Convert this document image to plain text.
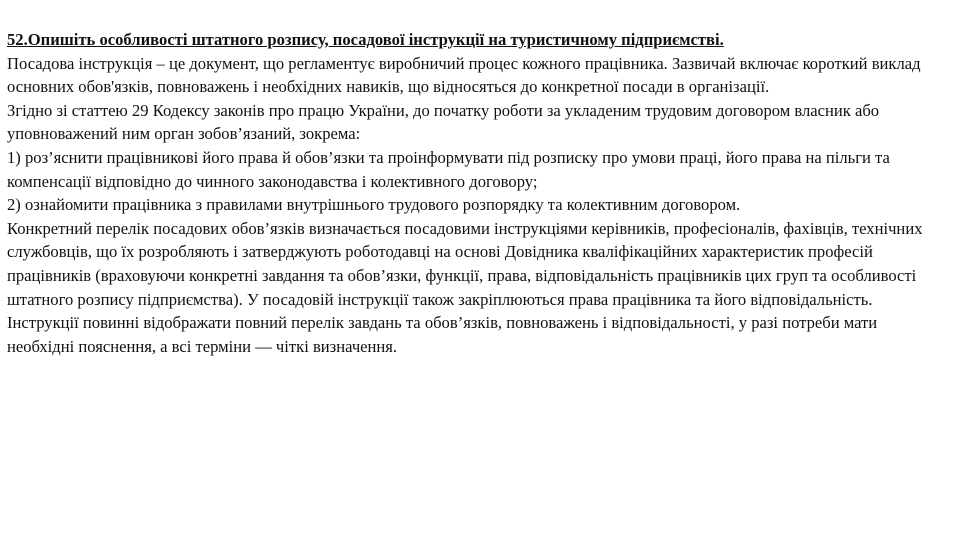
52.Опишіть особливості штатного розпису, посадової інструкції на туристичному підприємстві.

Посадова інструкція – це документ, що регламентує виробничий процес кожного працівника. Зазвичай включає короткий виклад основних обов'язків, повноважень і необхідних навиків, що відносяться до конкретної посади в організації.

Згідно зі статтею 29 Кодексу законів про працю України, до початку роботи за укладеним трудовим договором власник або уповноважений ним орган зобов’язаний, зокрема:

1) роз’яснити працівникові його права й обов’язки та проінформувати під розписку про умови праці, його права на пільги та компенсації відповідно до чинного законодавства і колективного договору;

2) ознайомити працівника з правилами внутрішнього трудового розпорядку та колективним договором.

Конкретний перелік посадових обов’язків визначається посадовими інструкціями керівників, професіоналів, фахівців, технічних службовців, що їх розробляють і затверджують роботодавці на основі Довідника кваліфікаційних характеристик професій працівників (враховуючи конкретні завдання та обов’язки, функції, права, відповідальність працівників цих груп та особливості штатного розпису підприємства). У посадовій інструкції також закріплюються права працівника та його відповідальність. Інструкції повинні відображати повний перелік завдань та обов’язків, повноважень і відповідальності, у разі потреби мати необхідні пояснення, а всі терміни — чіткі визначення.
